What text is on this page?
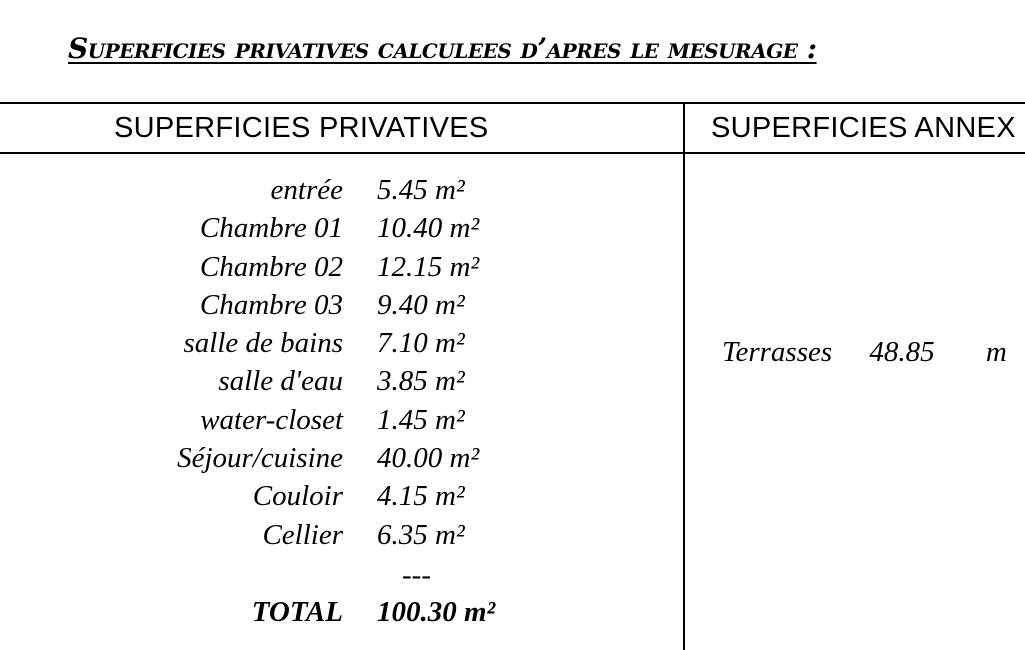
Superficies privatives calculees d’apres le mesurage :
SUPERFICIES PRIVATIVES	SUPERFICIES ANNEX
entrée 5.45 m²
Chambre 01 10.40 m²
Chambre 02 12.15 m²
Chambre 03 9.40 m²
salle de bains 7.10 m²
salle d'eau 3.85 m²
water-closet 1.45 m²
Séjour/cuisine 40.00 m²
Couloir 4.15 m²
Cellier 6.35 m²
---
TOTAL 100.30 m²
Terrasses 48.85 m
